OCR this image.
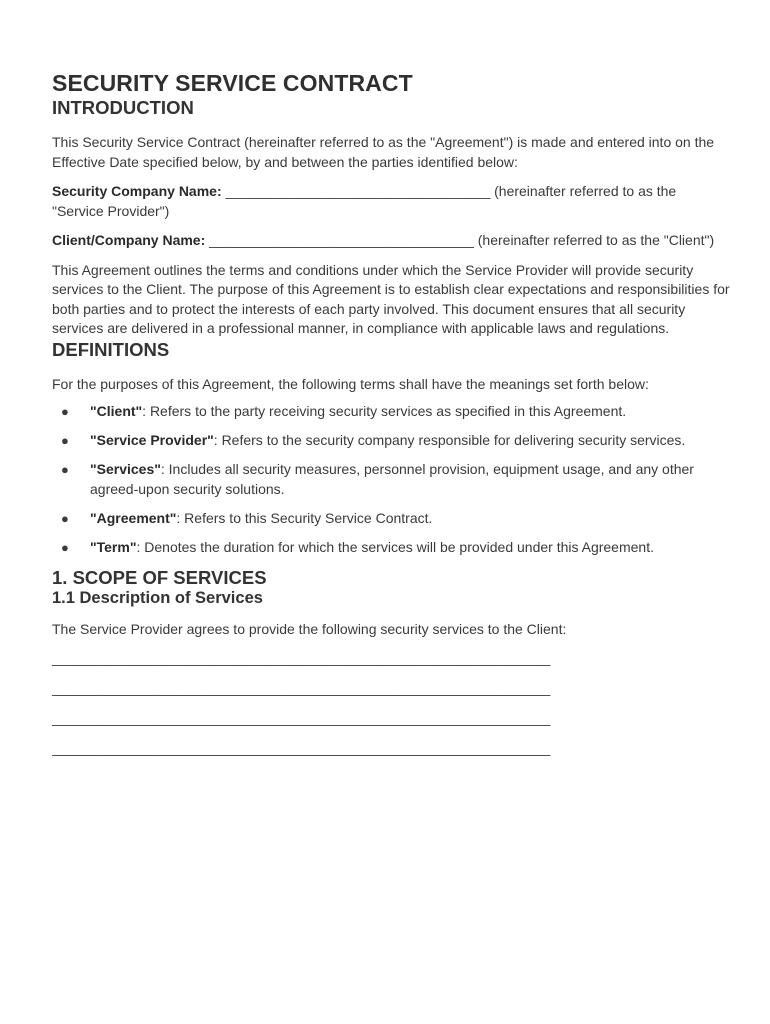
SECURITY SERVICE CONTRACT
INTRODUCTION

This Security Service Contract (hereinafter referred to as the "Agreement") is made and entered into on the Effective Date specified below, by and between the parties identified below:

Security Company Name: __________________________________ (hereinafter referred to as the "Service Provider")

Client/Company Name: __________________________________ (hereinafter referred to as the "Client")

This Agreement outlines the terms and conditions under which the Service Provider will provide security services to the Client. The purpose of this Agreement is to establish clear expectations and responsibilities for both parties and to protect the interests of each party involved. This document ensures that all security services are delivered in a professional manner, in compliance with applicable laws and regulations.

DEFINITIONS

For the purposes of this Agreement, the following terms shall have the meanings set forth below:

● "Client": Refers to the party receiving security services as specified in this Agreement.
● "Service Provider": Refers to the security company responsible for delivering security services.
● "Services": Includes all security measures, personnel provision, equipment usage, and any other agreed-upon security solutions.
● "Agreement": Refers to this Security Service Contract.
● "Term": Denotes the duration for which the services will be provided under this Agreement.
1. SCOPE OF SERVICES
1.1 Description of Services

The Service Provider agrees to provide the following security services to the Client:

________________________________________________________________
________________________________________________________________
________________________________________________________________
________________________________________________________________
